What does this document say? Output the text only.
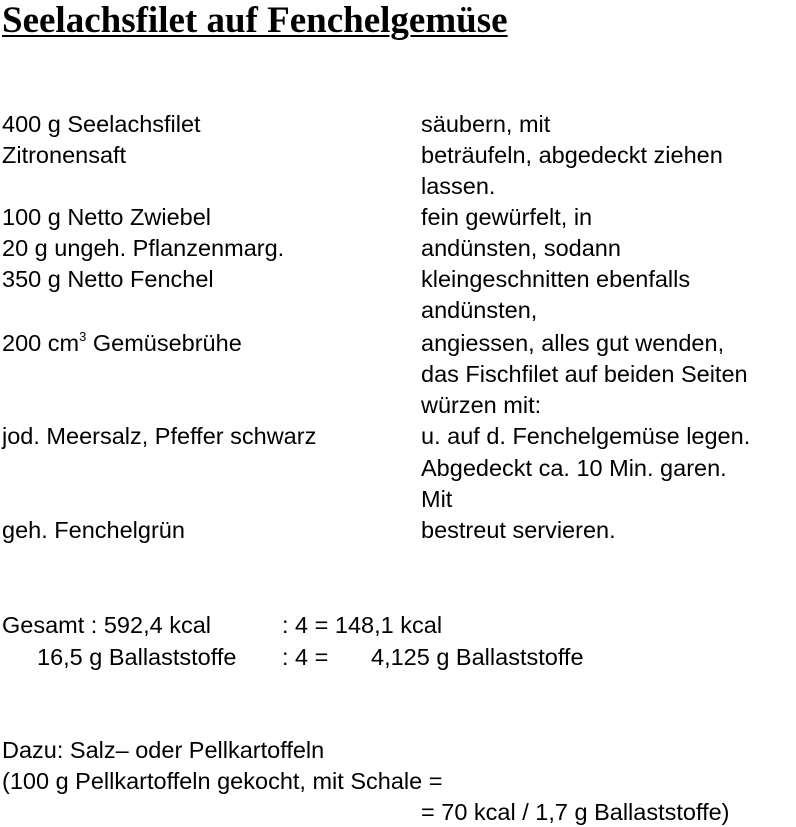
Seelachsfilet auf Fenchelgemüse
400 g Seelachsfilet	säubern, mit
Zitronensaft	beträufeln, abgedeckt ziehen
lassen.
100 g Netto Zwiebel	fein gewürfelt, in
20 g ungeh. Pflanzenmarg.	andünsten, sodann
350 g Netto Fenchel	kleingeschnitten ebenfalls
andünsten,
200 $cm^3$ Gemüsebrühe	angiessen, alles gut wenden,
das Fischfilet auf beiden Seiten
würzen mit:
jod. Meersalz, Pfeffer schwarz	u. auf d. Fenchelgemüse legen.
Abgedeckt ca. 10 Min. garen.
Mit
geh. Fenchelgrün	bestreut servieren.
Gesamt : 592,4 kcal	: 4 = 148,1 kcal
16,5 g Ballaststoffe : 4 = 4,125 g Ballaststoffe
Dazu: Salz– oder Pellkartoffeln
(100 g Pellkartoffeln gekocht, mit Schale =
= 70 kcal / 1,7 g Ballaststoffe)
